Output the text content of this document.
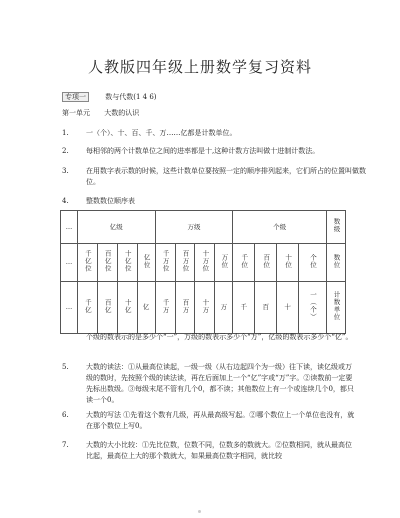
人教版四年级上册数学复习资料
专项一	数与代数(1 4 6)
第一单元 大数的认识
1. 一（个）、十、百、千、万……亿都是计数单位。
2. 每相邻的两个计数单位之间的进率都是十,这种计数方法叫做十进制计数法。
3. 在用数字表示数的时候，这些计数单位要按照一定的顺序排列起来，它们所占的位置叫做数位。
4. 整数数位顺序表
…	亿级				万级				个级				数级
…	千亿位	百亿位	十亿位	亿位	千万位	百万位	十万位	万位	千位	百位	十位	个位	数位
…	千亿	百亿	十亿	亿	千万	百万	十万	万	千	百	十	一（个）	计数单位
个级的数表示的是多少个“一”，万级的数表示多少个“万”，亿级的数表示多少个“亿”。
5. 大数的读法：①从最高位读起，一级一级（从右边起四个为一级）往下读，读亿级或万级的数时，先按照个级的读法读，再在后面加上一个“亿”字或“万”字。②读数前一定要先标出数级。③每级末尾不管有几个0，都不读；其他数位上有一个或连续几个0，都只读一个0。
6. 大数的写法 ①先看这个数有几级，再从最高级写起。②哪个数位上一个单位也没有，就在那个数位上写0。
7. 大数的大小比较：①先比位数，位数不同，位数多的数就大。②位数相同，就从最高位比起，最高位上大的那个数就大，如果最高位数字相同，就比较
